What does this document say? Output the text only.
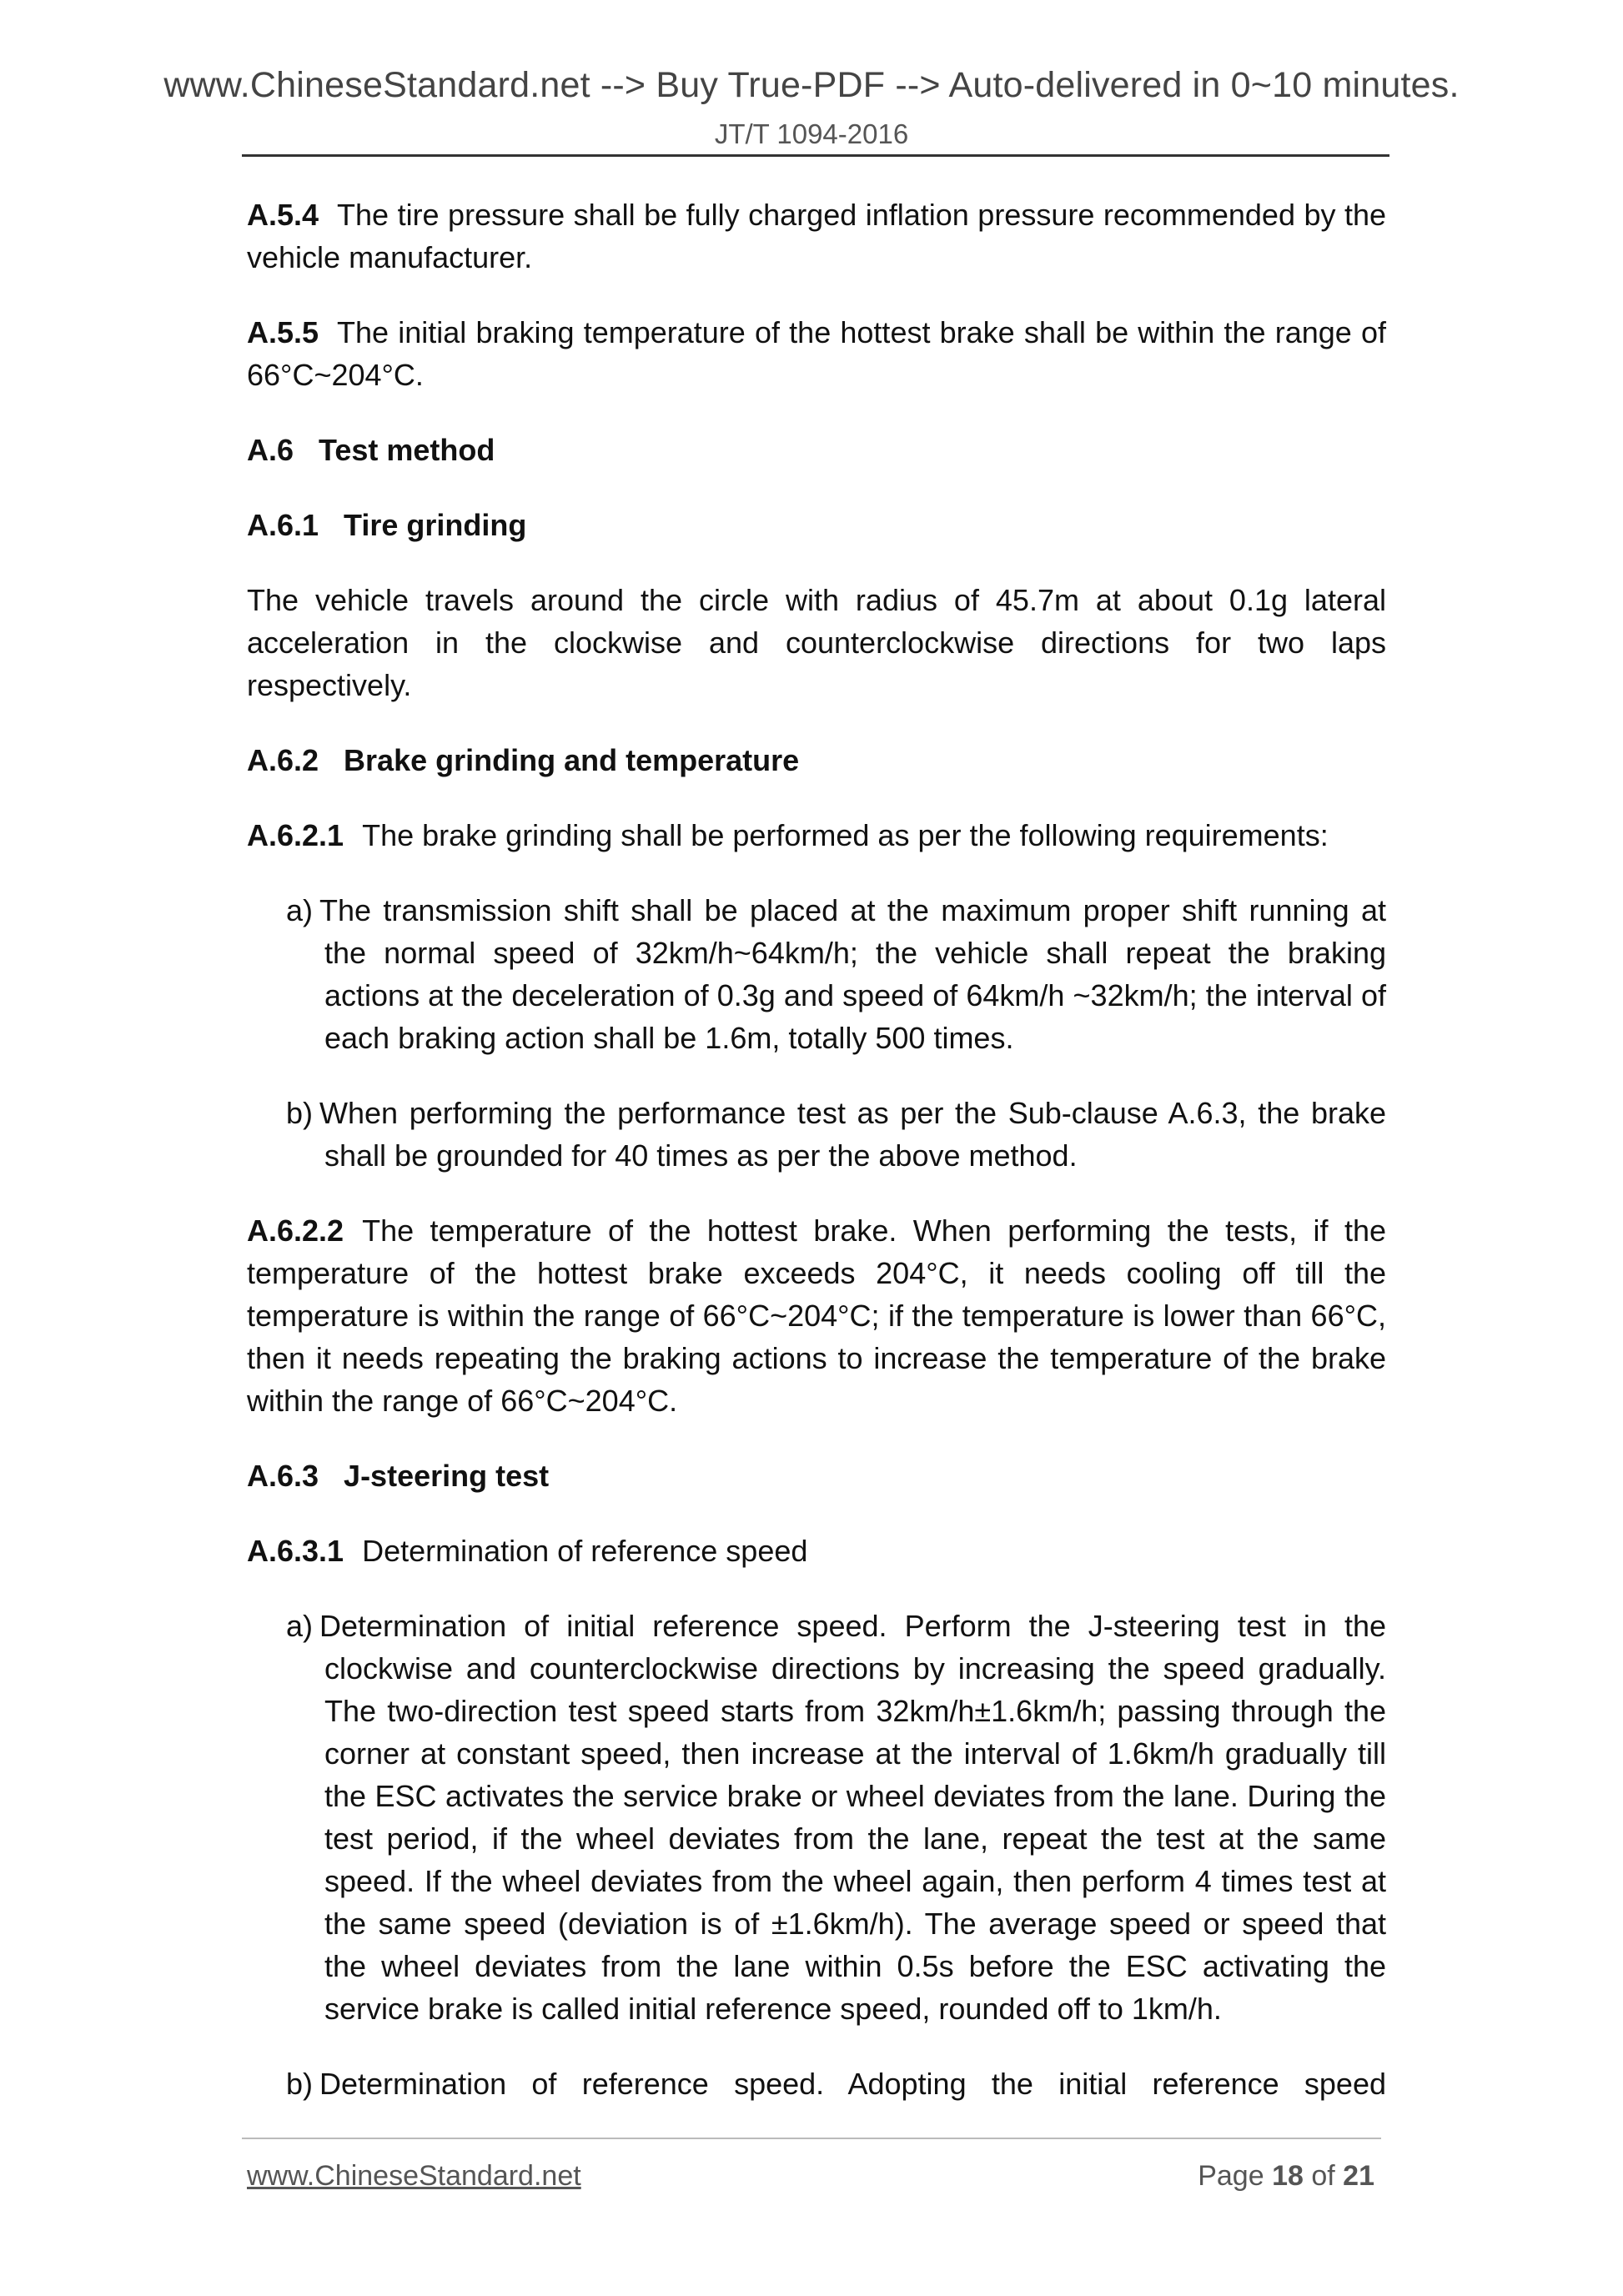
www.ChineseStandard.net --> Buy True-PDF --> Auto-delivered in 0~10 minutes.
JT/T 1094-2016

A.5.4 The tire pressure shall be fully charged inflation pressure recommended by the vehicle manufacturer.

A.5.5 The initial braking temperature of the hottest brake shall be within the range of 66°C~204°C.

A.6 Test method
A.6.1 Tire grinding

The vehicle travels around the circle with radius of 45.7m at about 0.1g lateral acceleration in the clockwise and counterclockwise directions for two laps respectively.

A.6.2 Brake grinding and temperature

A.6.2.1 The brake grinding shall be performed as per the following requirements:

a) The transmission shift shall be placed at the maximum proper shift running at the normal speed of 32km/h~64km/h; the vehicle shall repeat the braking actions at the deceleration of 0.3g and speed of 64km/h ~32km/h; the interval of each braking action shall be 1.6m, totally 500 times.
b) When performing the performance test as per the Sub-clause A.6.3, the brake shall be grounded for 40 times as per the above method.

A.6.2.2 The temperature of the hottest brake. When performing the tests, if the temperature of the hottest brake exceeds 204°C, it needs cooling off till the temperature is within the range of 66°C~204°C; if the temperature is lower than 66°C, then it needs repeating the braking actions to increase the temperature of the brake within the range of 66°C~204°C.

A.6.3 J-steering test

A.6.3.1 Determination of reference speed

a) Determination of initial reference speed. Perform the J-steering test in the clockwise and counterclockwise directions by increasing the speed gradually. The two-direction test speed starts from 32km/h±1.6km/h; passing through the corner at constant speed, then increase at the interval of 1.6km/h gradually till the ESC activates the service brake or wheel deviates from the lane. During the test period, if the wheel deviates from the lane, repeat the test at the same speed. If the wheel deviates from the wheel again, then perform 4 times test at the same speed (deviation is of ±1.6km/h). The average speed or speed that the wheel deviates from the lane within 0.5s before the ESC activating the service brake is called initial reference speed, rounded off to 1km/h.
b) Determination of reference speed. Adopting the initial reference speed
www.ChineseStandard.net	Page 18 of 21
